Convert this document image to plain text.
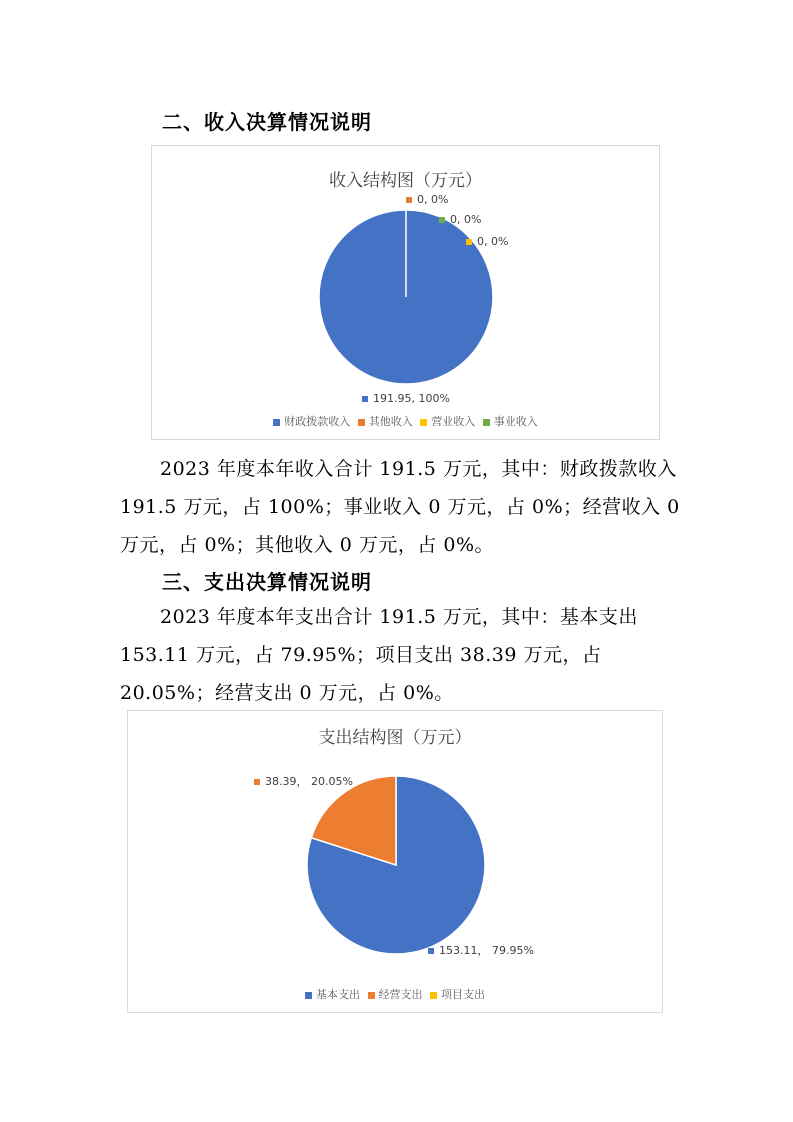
二、收入决算情况说明
收入结构图（万元）
0, 0%
0, 0%
0, 0%
191.95, 100%
财政拨款收入 其他收入 营业收入 事业收入
2023 年度本年收入合计 191.5 万元，其中：财政拨款收入 191.5 万元，占 100%；事业收入 0 万元，占 0%；经营收入 0 万元，占 0%；其他收入 0 万元，占 0%。
三、支出决算情况说明
2023 年度本年支出合计 191.5 万元，其中：基本支出 153.11 万元，占 79.95%；项目支出 38.39 万元，占 20.05%；经营支出 0 万元，占 0%。
支出结构图（万元）
38.39， 20.05%
153.11， 79.95%
基本支出 经营支出 项目支出
